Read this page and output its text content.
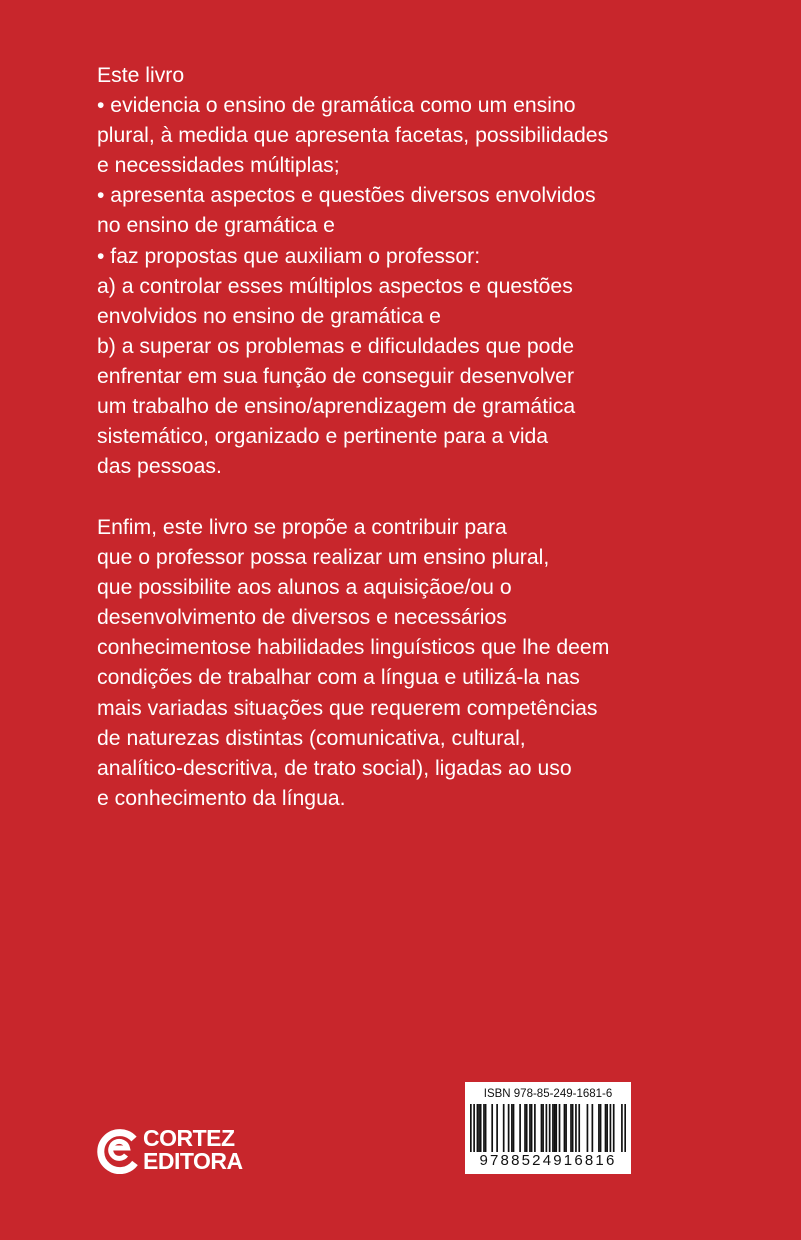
Este livro
• evidencia o ensino de gramática como um ensino
plural, à medida que apresenta facetas, possibilidades
e necessidades múltiplas;
• apresenta aspectos e questões diversos envolvidos
no ensino de gramática e
• faz propostas que auxiliam o professor:
a) a controlar esses múltiplos aspectos e questões
envolvidos no ensino de gramática e
b) a superar os problemas e dificuldades que pode
enfrentar em sua função de conseguir desenvolver
um trabalho de ensino/aprendizagem de gramática
sistemático, organizado e pertinente para a vida
das pessoas.
Enfim, este livro se propõe a contribuir para
que o professor possa realizar um ensino plural,
que possibilite aos alunos a aquisiçãoe/ou o
desenvolvimento de diversos e necessários
conhecimentose habilidades linguísticos que lhe deem
condições de trabalhar com a língua e utilizá-la nas
mais variadas situações que requerem competências
de naturezas distintas (comunicativa, cultural,
analítico-descritiva, de trato social), ligadas ao uso
e conhecimento da língua.
CORTEZ
EDITORA
ISBN 978-85-249-1681-6
9788524916816
